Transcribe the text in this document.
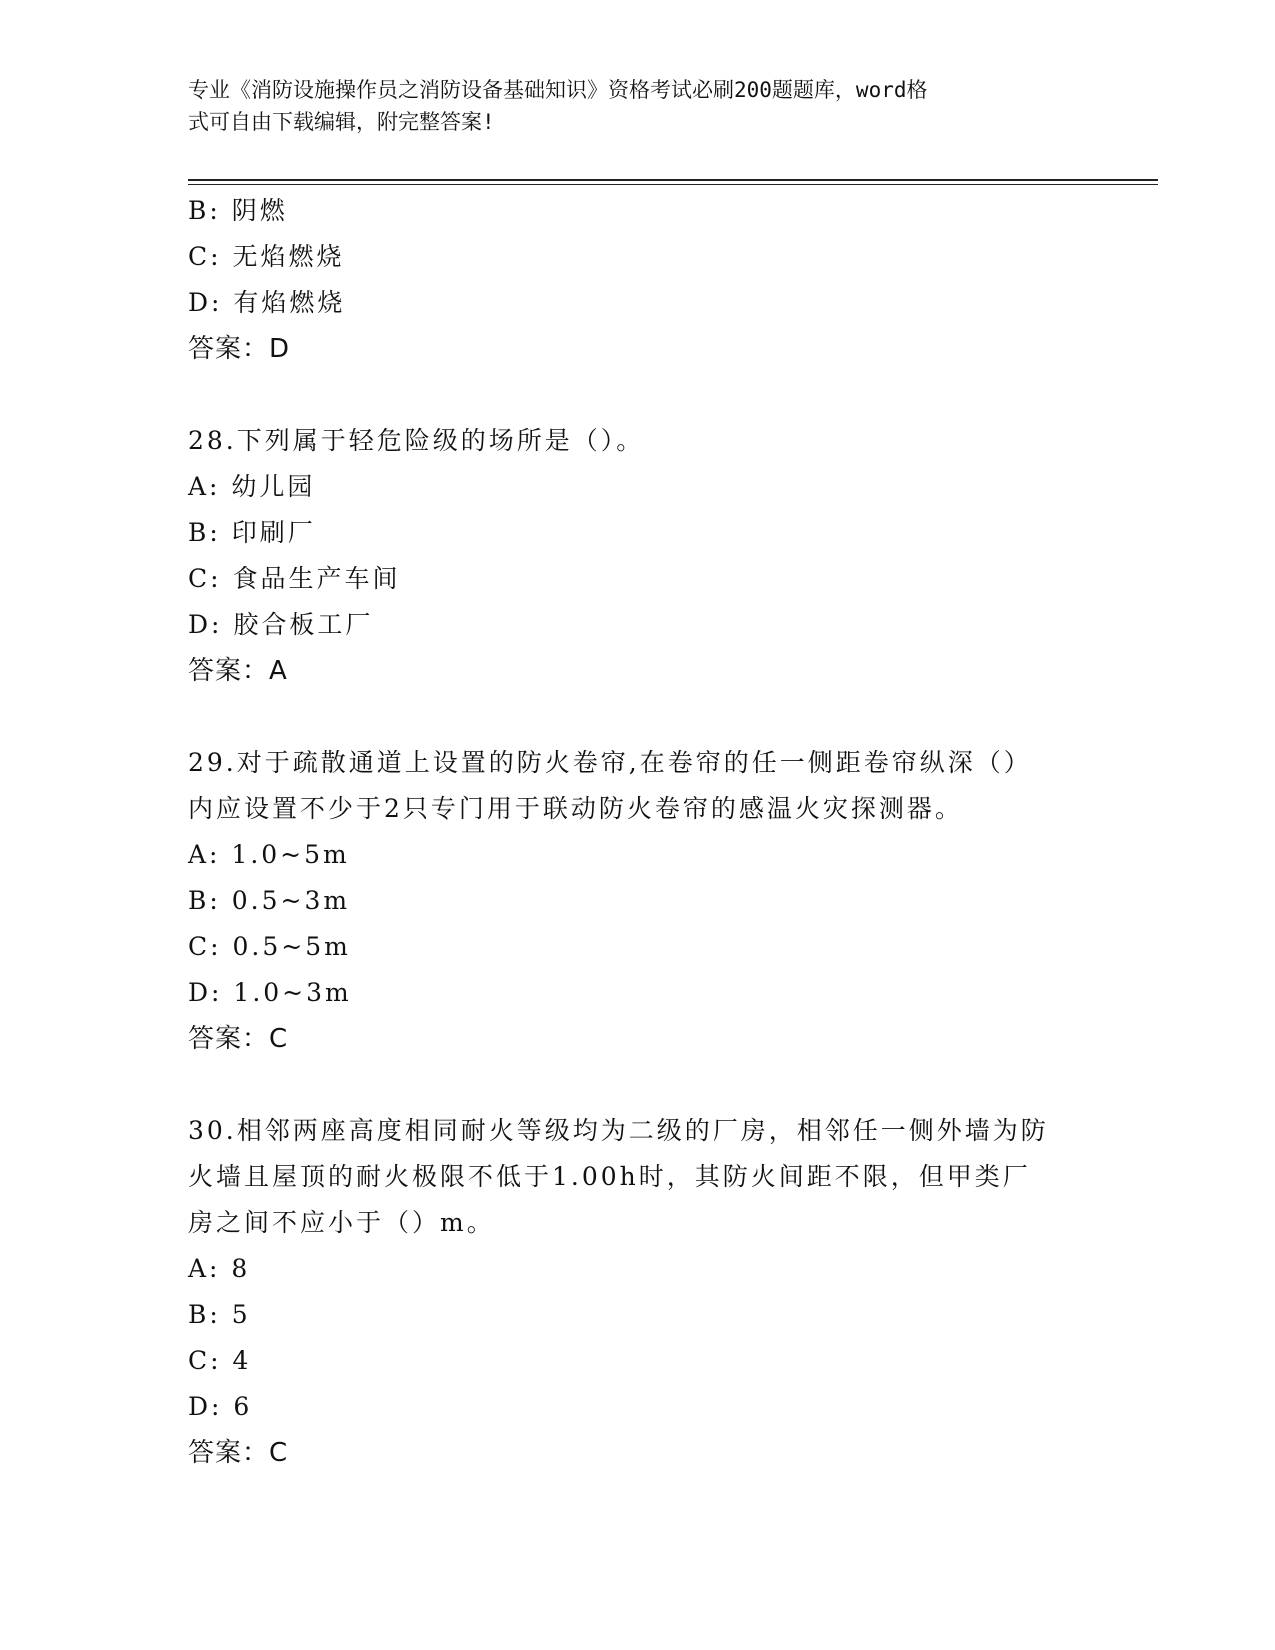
专业《消防设施操作员之消防设备基础知识》资格考试必刷200题题库，word格
式可自由下载编辑，附完整答案!
B: 阴燃
C: 无焰燃烧
D: 有焰燃烧
答案：D
28.下列属于轻危险级的场所是（）。
A: 幼儿园
B: 印刷厂
C: 食品生产车间
D: 胶合板工厂
答案：A
29.对于疏散通道上设置的防火卷帘,在卷帘的任一侧距卷帘纵深（）
内应设置不少于2只专门用于联动防火卷帘的感温火灾探测器。
A: 1.0~5m
B: 0.5~3m
C: 0.5~5m
D: 1.0~3m
答案：C
30.相邻两座高度相同耐火等级均为二级的厂房，相邻任一侧外墙为防
火墙且屋顶的耐火极限不低于1.00h时，其防火间距不限，但甲类厂
房之间不应小于（）m。
A: 8
B: 5
C: 4
D: 6
答案：C
